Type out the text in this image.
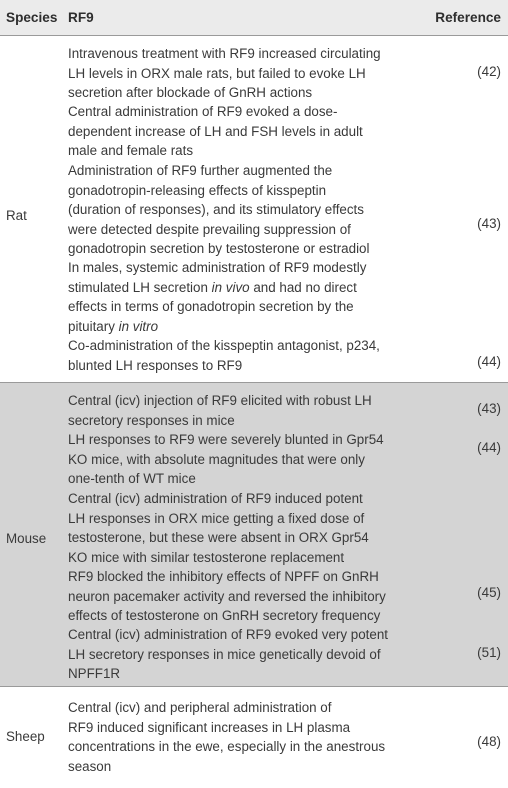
Species RF9	Reference
Rat
Intravenous treatment with RF9 increased circulating
LH levels in ORX male rats, but failed to evoke LH
secretion after blockade of GnRH actions
Central administration of RF9 evoked a dose-
dependent increase of LH and FSH levels in adult
male and female rats
Administration of RF9 further augmented the
gonadotropin-releasing effects of kisspeptin
(duration of responses), and its stimulatory effects
were detected despite prevailing suppression of
gonadotropin secretion by testosterone or estradiol
In males, systemic administration of RF9 modestly
stimulated LH secretion in vivo and had no direct
effects in terms of gonadotropin secretion by the
pituitary in vitro
Co-administration of the kisspeptin antagonist, p234,
blunted LH responses to RF9
(42)
(43)
(44)
Mouse
Central (icv) injection of RF9 elicited with robust LH
secretory responses in mice
LH responses to RF9 were severely blunted in Gpr54
KO mice, with absolute magnitudes that were only
one-tenth of WT mice
Central (icv) administration of RF9 induced potent
LH responses in ORX mice getting a fixed dose of
testosterone, but these were absent in ORX Gpr54
KO mice with similar testosterone replacement
RF9 blocked the inhibitory effects of NPFF on GnRH
neuron pacemaker activity and reversed the inhibitory
effects of testosterone on GnRH secretory frequency
Central (icv) administration of RF9 evoked very potent
LH secretory responses in mice genetically devoid of
NPFF1R
(43)
(44)
(45)
(51)
Sheep
Central (icv) and peripheral administration of
RF9 induced significant increases in LH plasma
concentrations in the ewe, especially in the anestrous
season
(48)
